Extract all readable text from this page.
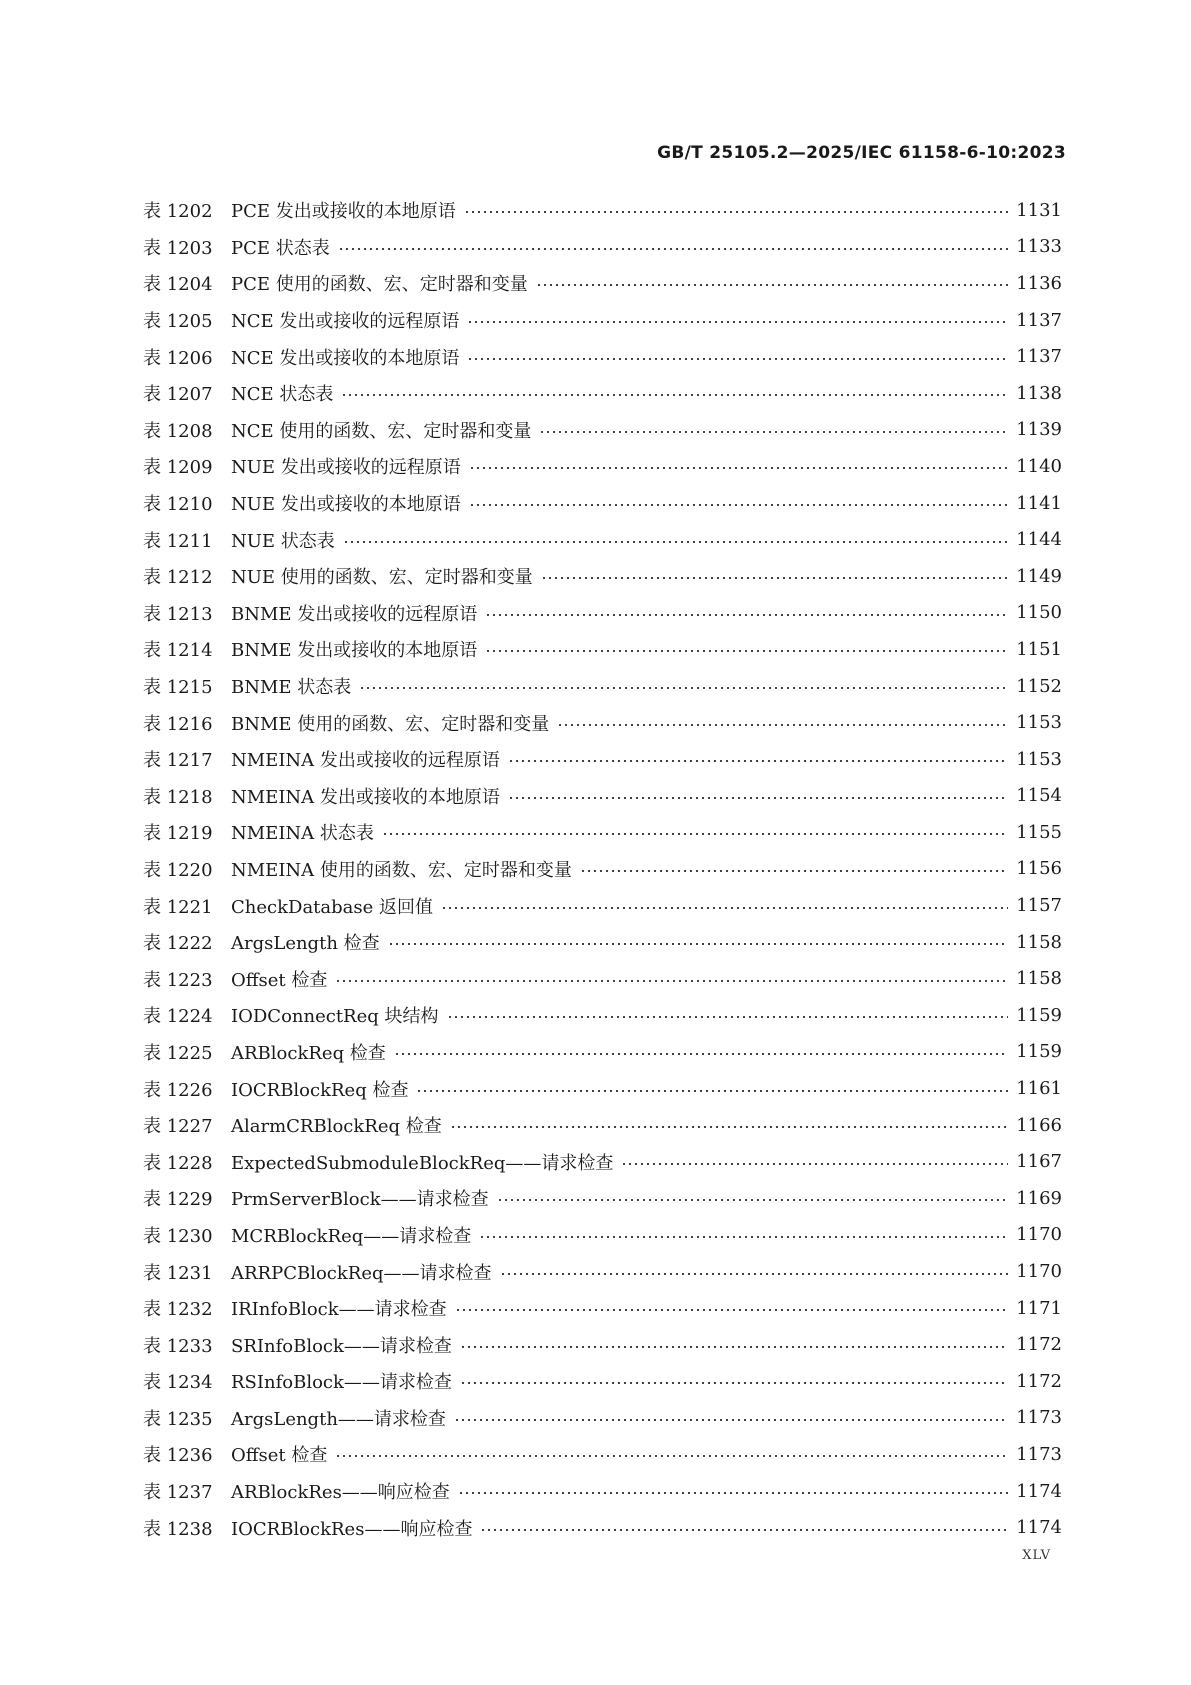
GB/T 25105.2—2025/IEC 61158-6-10:2023
表 1202	PCE 发出或接收的本地原语	1131
表 1203	PCE 状态表	1133
表 1204	PCE 使用的函数、宏、定时器和变量	1136
表 1205	NCE 发出或接收的远程原语	1137
表 1206	NCE 发出或接收的本地原语	1137
表 1207	NCE 状态表	1138
表 1208	NCE 使用的函数、宏、定时器和变量	1139
表 1209	NUE 发出或接收的远程原语	1140
表 1210	NUE 发出或接收的本地原语	1141
表 1211	NUE 状态表	1144
表 1212	NUE 使用的函数、宏、定时器和变量	1149
表 1213	BNME 发出或接收的远程原语	1150
表 1214	BNME 发出或接收的本地原语	1151
表 1215	BNME 状态表	1152
表 1216	BNME 使用的函数、宏、定时器和变量	1153
表 1217	NMEINA 发出或接收的远程原语	1153
表 1218	NMEINA 发出或接收的本地原语	1154
表 1219	NMEINA 状态表	1155
表 1220	NMEINA 使用的函数、宏、定时器和变量	1156
表 1221	CheckDatabase 返回值	1157
表 1222	ArgsLength 检查	1158
表 1223	Offset 检查	1158
表 1224	IODConnectReq 块结构	1159
表 1225	ARBlockReq 检查	1159
表 1226	IOCRBlockReq 检查	1161
表 1227	AlarmCRBlockReq 检查	1166
表 1228	ExpectedSubmoduleBlockReq——请求检查	1167
表 1229	PrmServerBlock——请求检查	1169
表 1230	MCRBlockReq——请求检查	1170
表 1231	ARRPCBlockReq——请求检查	1170
表 1232	IRInfoBlock——请求检查	1171
表 1233	SRInfoBlock——请求检查	1172
表 1234	RSInfoBlock——请求检查	1172
表 1235	ArgsLength——请求检查	1173
表 1236	Offset 检查	1173
表 1237	ARBlockRes——响应检查	1174
表 1238	IOCRBlockRes——响应检查	1174
XLV
